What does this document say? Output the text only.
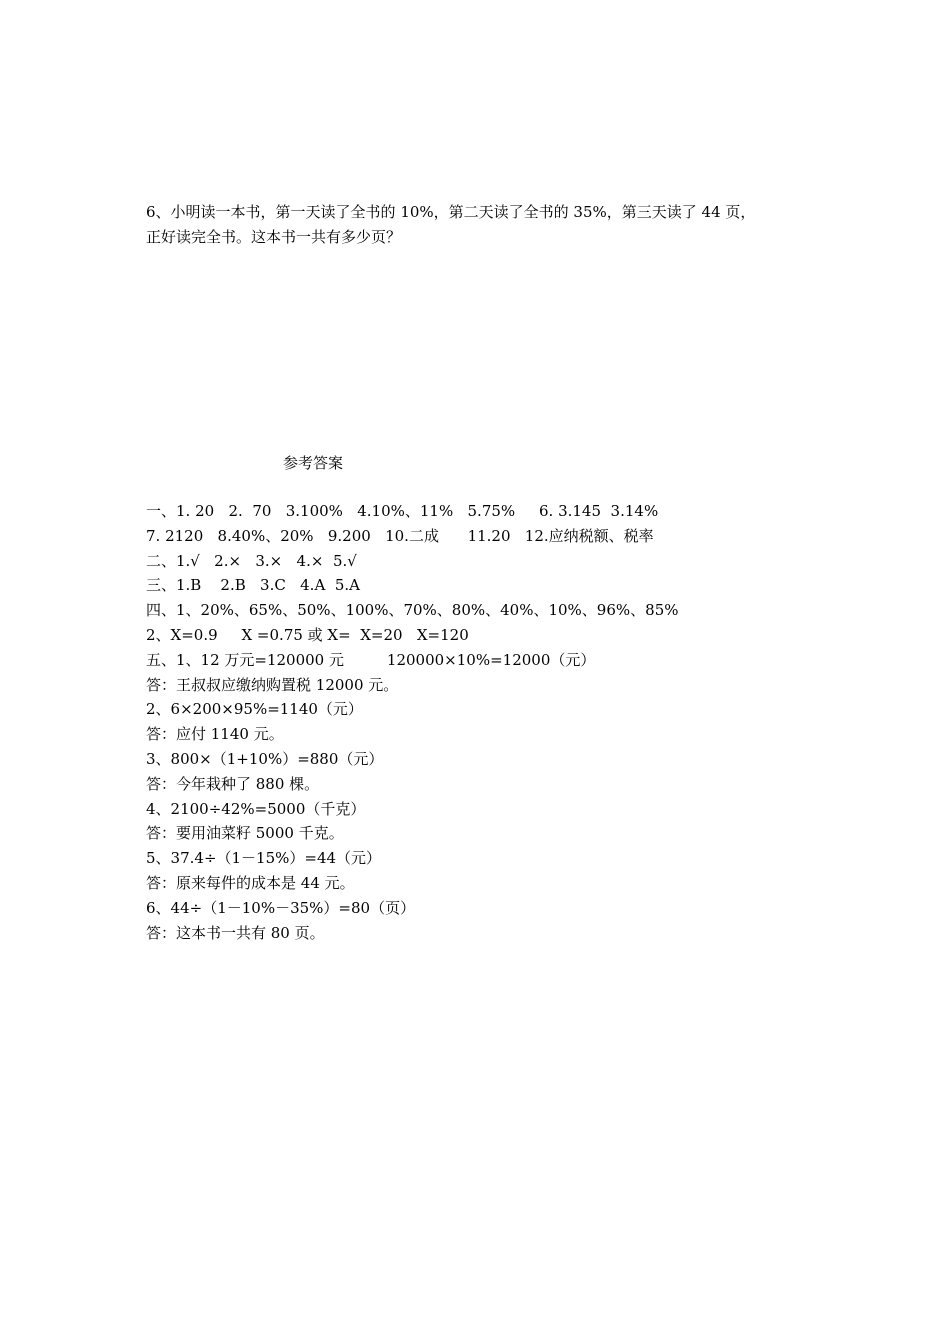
6、小明读一本书，第一天读了全书的 10%，第二天读了全书的 35%，第三天读了 44 页，

正好读完全书。这本书一共有多少页？

参考答案

一、1. 20   2.  70   3.100%   4.10%、11%   5.75%     6. 3.145  3.14%

7. 2120   8.40%、20%   9.200   10.二成      11.20   12.应纳税额、税率

二、1.√   2.×   3.×   4.×  5.√

三、1.B    2.B   3.C   4.A  5.A

四、1、20%、65%、50%、100%、70%、80%、40%、10%、96%、85%

2、X=0.9     X =0.75 或 X=  X=20   X=120

五、1、12 万元=120000 元         120000×10%=12000（元）

答：王叔叔应缴纳购置税 12000 元。

2、6×200×95%=1140（元）

答：应付 1140 元。

3、800×（1+10%）=880（元）

答：今年栽种了 880 棵。

4、2100÷42%=5000（千克）

答：要用油菜籽 5000 千克。

5、37.4÷（1－15%）=44（元）

答：原来每件的成本是 44 元。

6、44÷（1－10%－35%）=80（页）

答：这本书一共有 80 页。
